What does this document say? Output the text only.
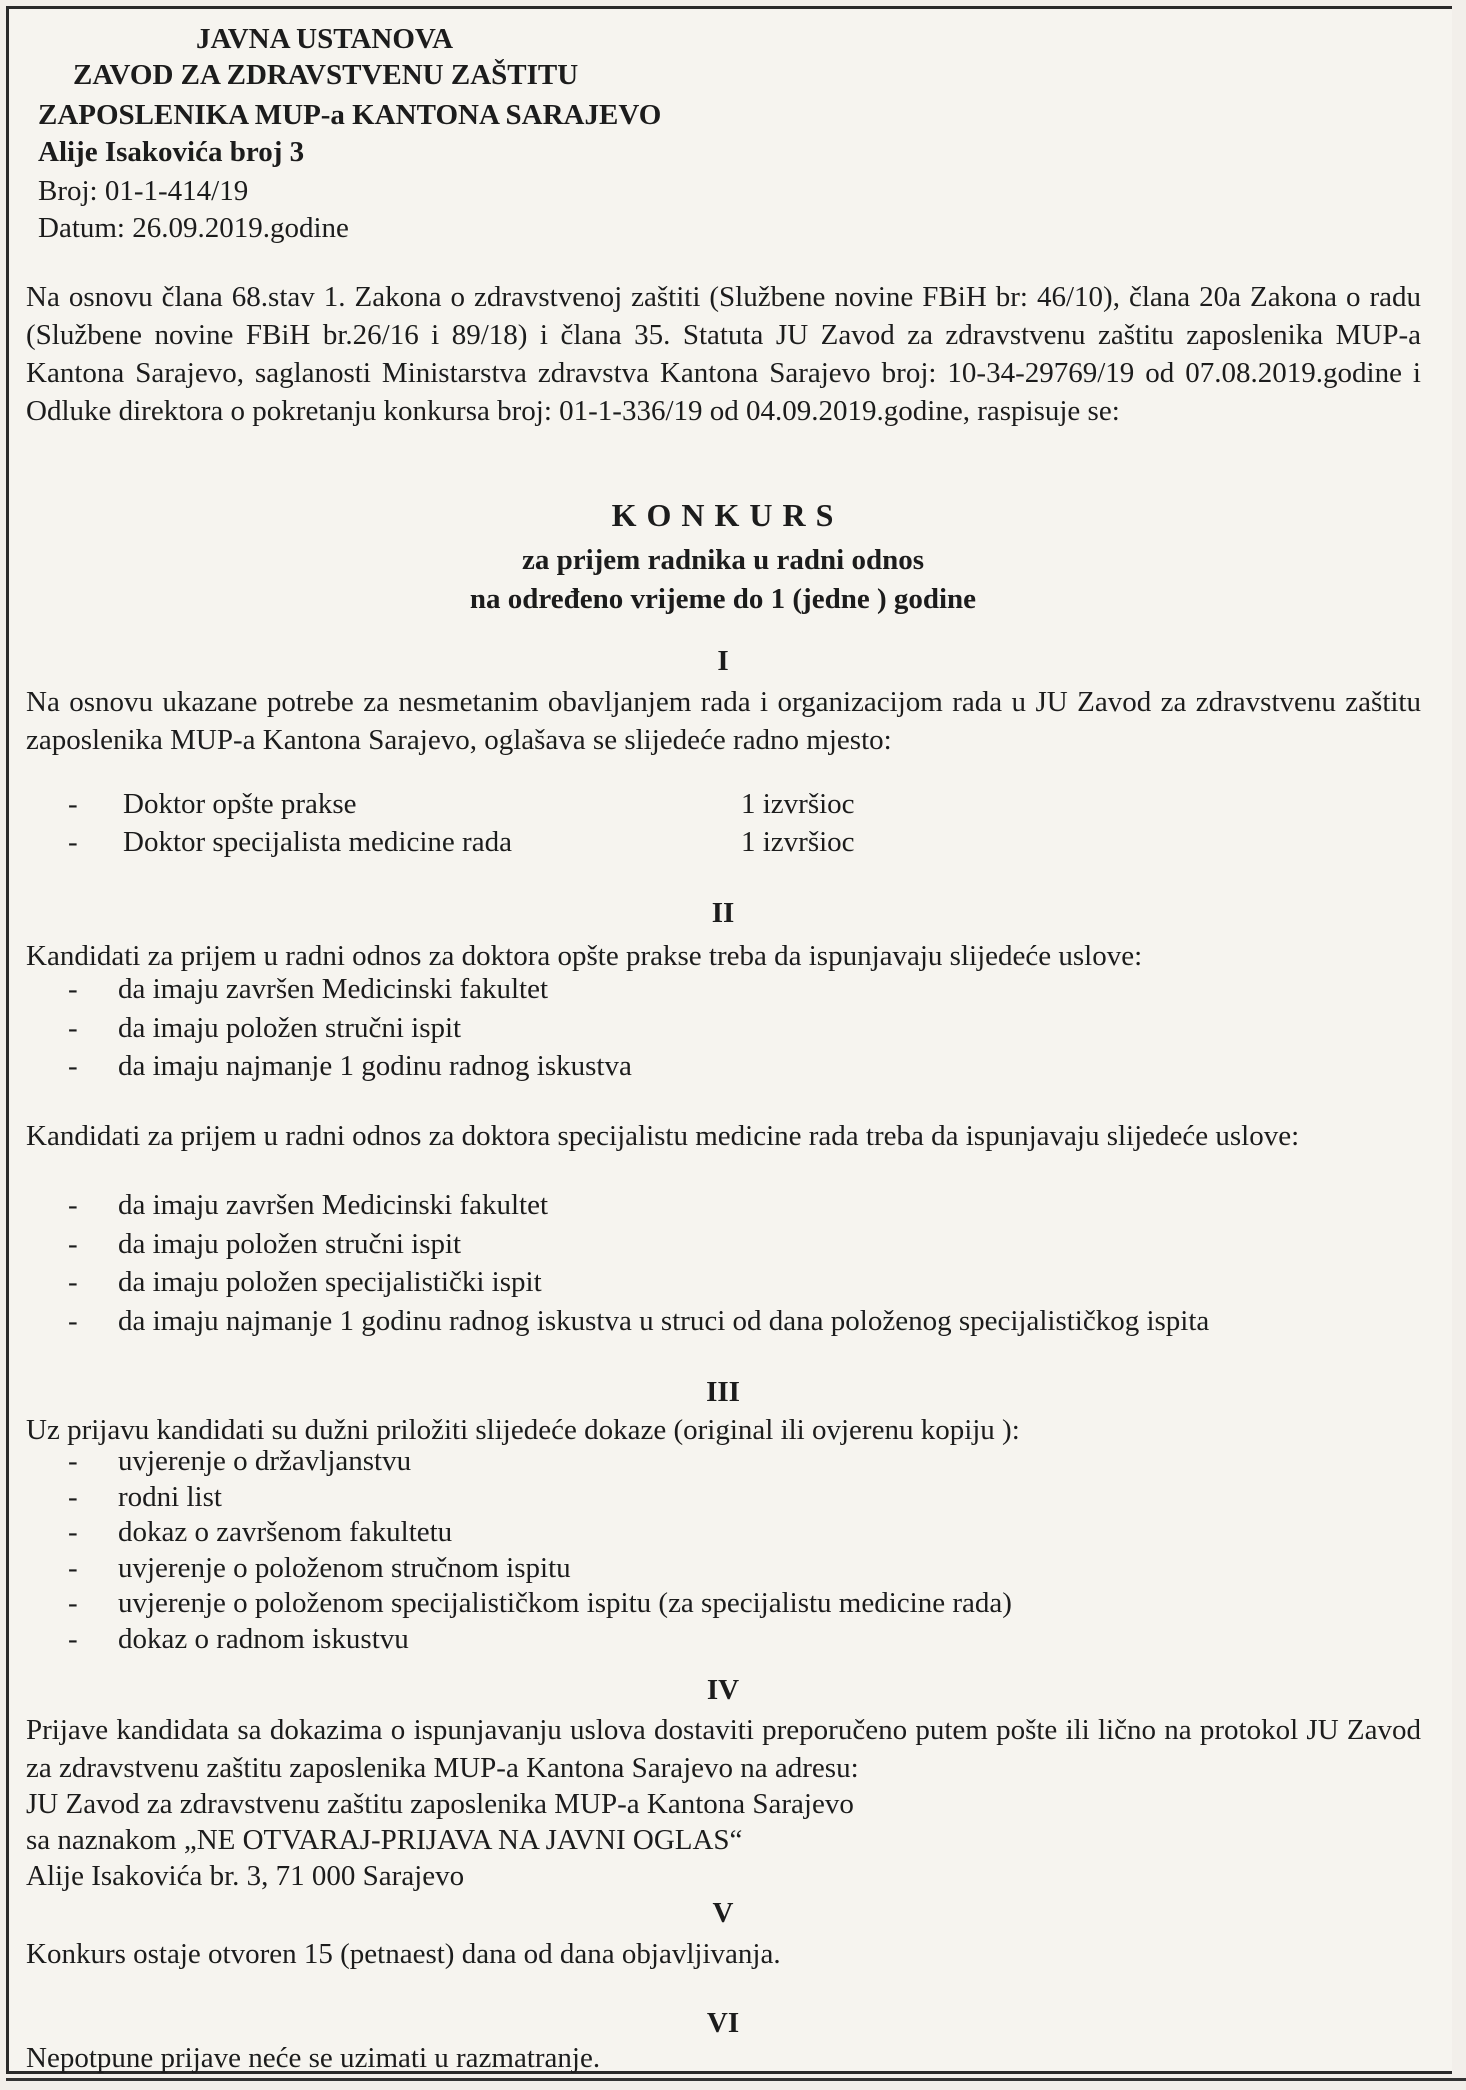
JAVNA USTANOVA
ZAVOD ZA ZDRAVSTVENU ZAŠTITU
ZAPOSLENIKA MUP-a KANTONA SARAJEVO
Alije Isakovića broj 3
Broj: 01-1-414/19
Datum: 26.09.2019.godine
Na osnovu člana 68.stav 1. Zakona o zdravstvenoj zaštiti (Službene novine FBiH br: 46/10), člana 20a Zakona o radu (Službene novine FBiH br.26/16 i 89/18) i člana 35. Statuta JU Zavod za zdravstvenu zaštitu zaposlenika MUP-a Kantona Sarajevo, saglanosti Ministarstva zdravstva Kantona Sarajevo broj: 10-34-29769/19 od 07.08.2019.godine i Odluke direktora o pokretanju konkursa broj: 01-1-336/19 od 04.09.2019.godine, raspisuje se:
K O N K U R S
za prijem radnika u radni odnos
na određeno vrijeme do 1 (jedne ) godine
I
Na osnovu ukazane potrebe za nesmetanim obavljanjem rada i organizacijom rada u JU Zavod za zdravstvenu zaštitu zaposlenika MUP-a Kantona Sarajevo, oglašava se slijedeće radno mjesto:
- Doktor opšte prakse	1 izvršioc
- Doktor specijalista medicine rada	1 izvršioc
II
Kandidati za prijem u radni odnos za doktora opšte prakse treba da ispunjavaju slijedeće uslove:
- da imaju završen Medicinski fakultet
- da imaju položen stručni ispit
- da imaju najmanje 1 godinu radnog iskustva
Kandidati za prijem u radni odnos za doktora specijalistu medicine rada treba da ispunjavaju slijedeće uslove:
- da imaju završen Medicinski fakultet
- da imaju položen stručni ispit
- da imaju položen specijalistički ispit
- da imaju najmanje 1 godinu radnog iskustva u struci od dana položenog specijalističkog ispita
III
Uz prijavu kandidati su dužni priložiti slijedeće dokaze (original ili ovjerenu kopiju ):
- uvjerenje o državljanstvu
- rodni list
- dokaz o završenom fakultetu
- uvjerenje o položenom stručnom ispitu
- uvjerenje o položenom specijalističkom ispitu (za specijalistu medicine rada)
- dokaz o radnom iskustvu
IV
Prijave kandidata sa dokazima o ispunjavanju uslova dostaviti preporučeno putem pošte ili lično na protokol JU Zavod za zdravstvenu zaštitu zaposlenika MUP-a Kantona Sarajevo na adresu:
JU Zavod za zdravstvenu zaštitu zaposlenika MUP-a Kantona Sarajevo
sa naznakom „NE OTVARAJ-PRIJAVA NA JAVNI OGLAS“
Alije Isakovića br. 3, 71 000 Sarajevo
V
Konkurs ostaje otvoren 15 (petnaest) dana od dana objavljivanja.
VI
Nepotpune prijave neće se uzimati u razmatranje.
